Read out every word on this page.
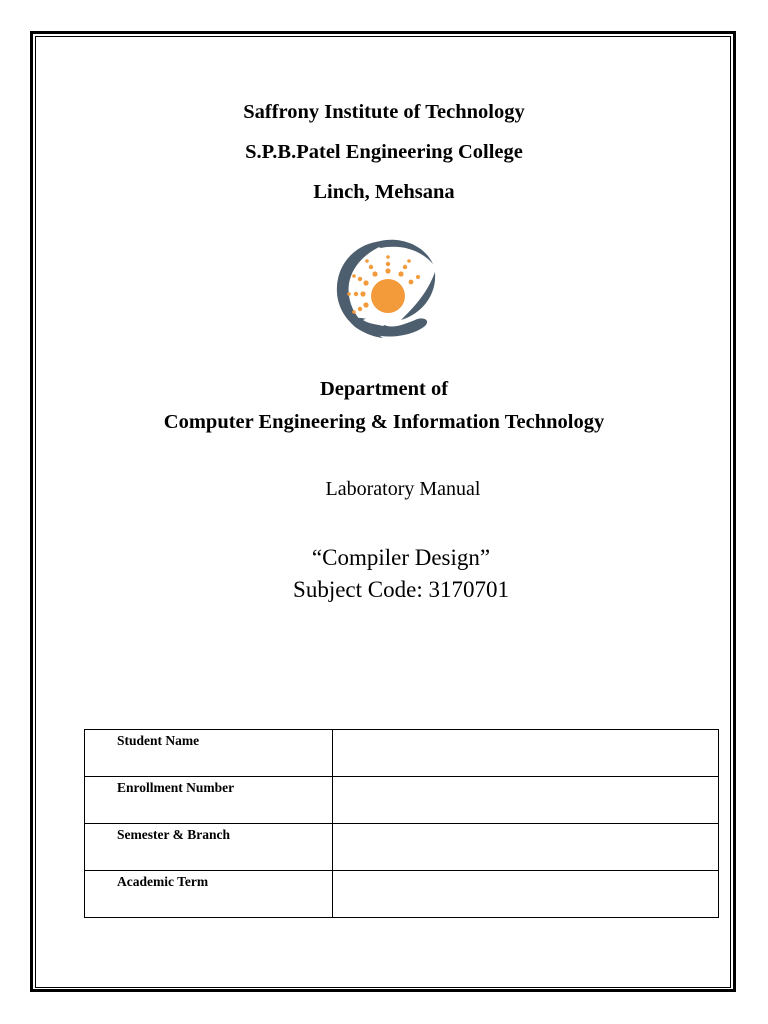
Saffrony Institute of Technology
S.P.B.Patel Engineering College
Linch, Mehsana
Department of
Computer Engineering & Information Technology
Laboratory Manual
“Compiler Design”
Subject Code: 3170701
Student Name	
Enrollment Number	
Semester & Branch	
Academic Term	
